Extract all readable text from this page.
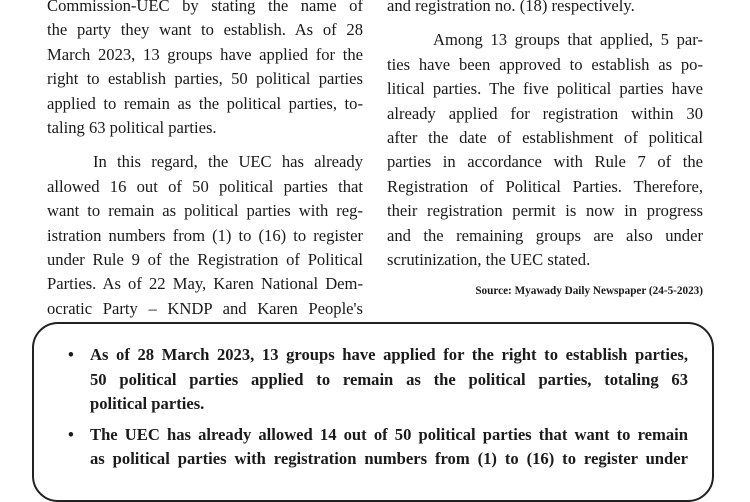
Commission-UEC by stating the name of
the party they want to establish. As of 28
March 2023, 13 groups have applied for the
right to establish parties, 50 political parties
applied to remain as the political parties, to-
taling 63 political parties.

In this regard, the UEC has already
allowed 16 out of 50 political parties that
want to remain as political parties with reg-
istration numbers from (1) to (16) to register
under Rule 9 of the Registration of Political
Parties. As of 22 May, Karen National Dem-
ocratic Party – KNDP and Karen People's

and registration no. (18) respectively.

Among 13 groups that applied, 5 par-
ties have been approved to establish as po-
litical parties. The five political parties have
already applied for registration within 30
after the date of establishment of political
parties in accordance with Rule 7 of the
Registration of Political Parties. Therefore,
their registration permit is now in progress
and the remaining groups are also under
scrutinization, the UEC stated.

Source: Myawady Daily Newspaper (24-5-2023)
• As of 28 March 2023, 13 groups have applied for the right to establish parties,
50 political parties applied to remain as the political parties, totaling 63
political parties.
• The UEC has already allowed 14 out of 50 political parties that want to remain
as political parties with registration numbers from (1) to (16) to register under
